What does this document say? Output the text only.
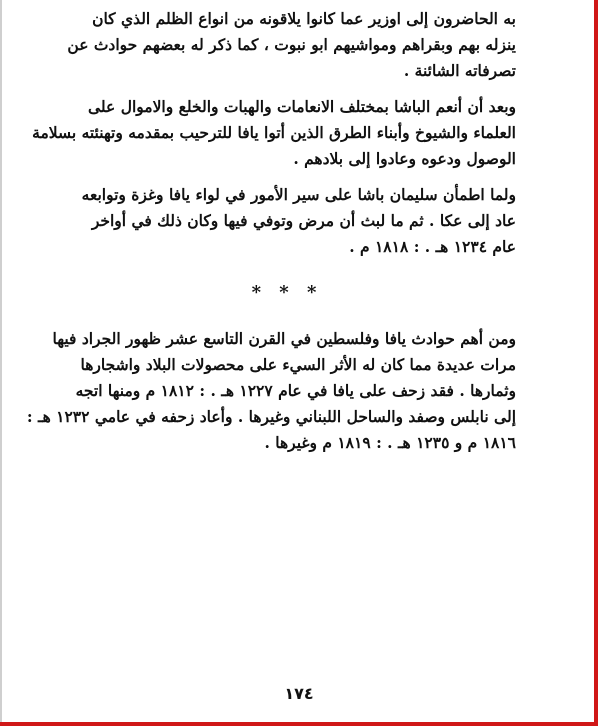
به الحاضرون إلى اوزير عما كانوا يلاقونه من انواع الظلم الذي كان
ينزله بهم وبقراهم ومواشيهم ابو نبوت ، كما ذكر له بعضهم حوادث عن
تصرفاته الشائنة .
وبعد أن أنعم الباشا بمختلف الانعامات والهبات والخلع والاموال على
العلماء والشيوخ وأبناء الطرق الذين أتوا يافا للترحيب بمقدمه وتهنئته بسلامة
الوصول ودعوه وعادوا إلى بلادهم .
ولما اطمأن سليمان باشا على سير الأمور في لواء يافا وغزة وتوابعه
عاد إلى عكا . ثم ما لبث أن مرض وتوفي فيها وكان ذلك في أواخر
عام ١٢٣٤ هـ . : ١٨١٨ م .
* * *
ومن أهم حوادث يافا وفلسطين في القرن التاسع عشر ظهور الجراد فيها
مرات عديدة مما كان له الأثر السيء على محصولات البلاد واشجارها
وثمارها . فقد زحف على يافا في عام ١٢٢٧ هـ . : ١٨١٢ م ومنها اتجه
إلى نابلس وصفد والساحل اللبناني وغيرها . وأعاد زحفه في عامي ١٢٣٢ هـ :
١٨١٦ م و ١٢٣٥ هـ . : ١٨١٩ م وغيرها .
١٧٤
